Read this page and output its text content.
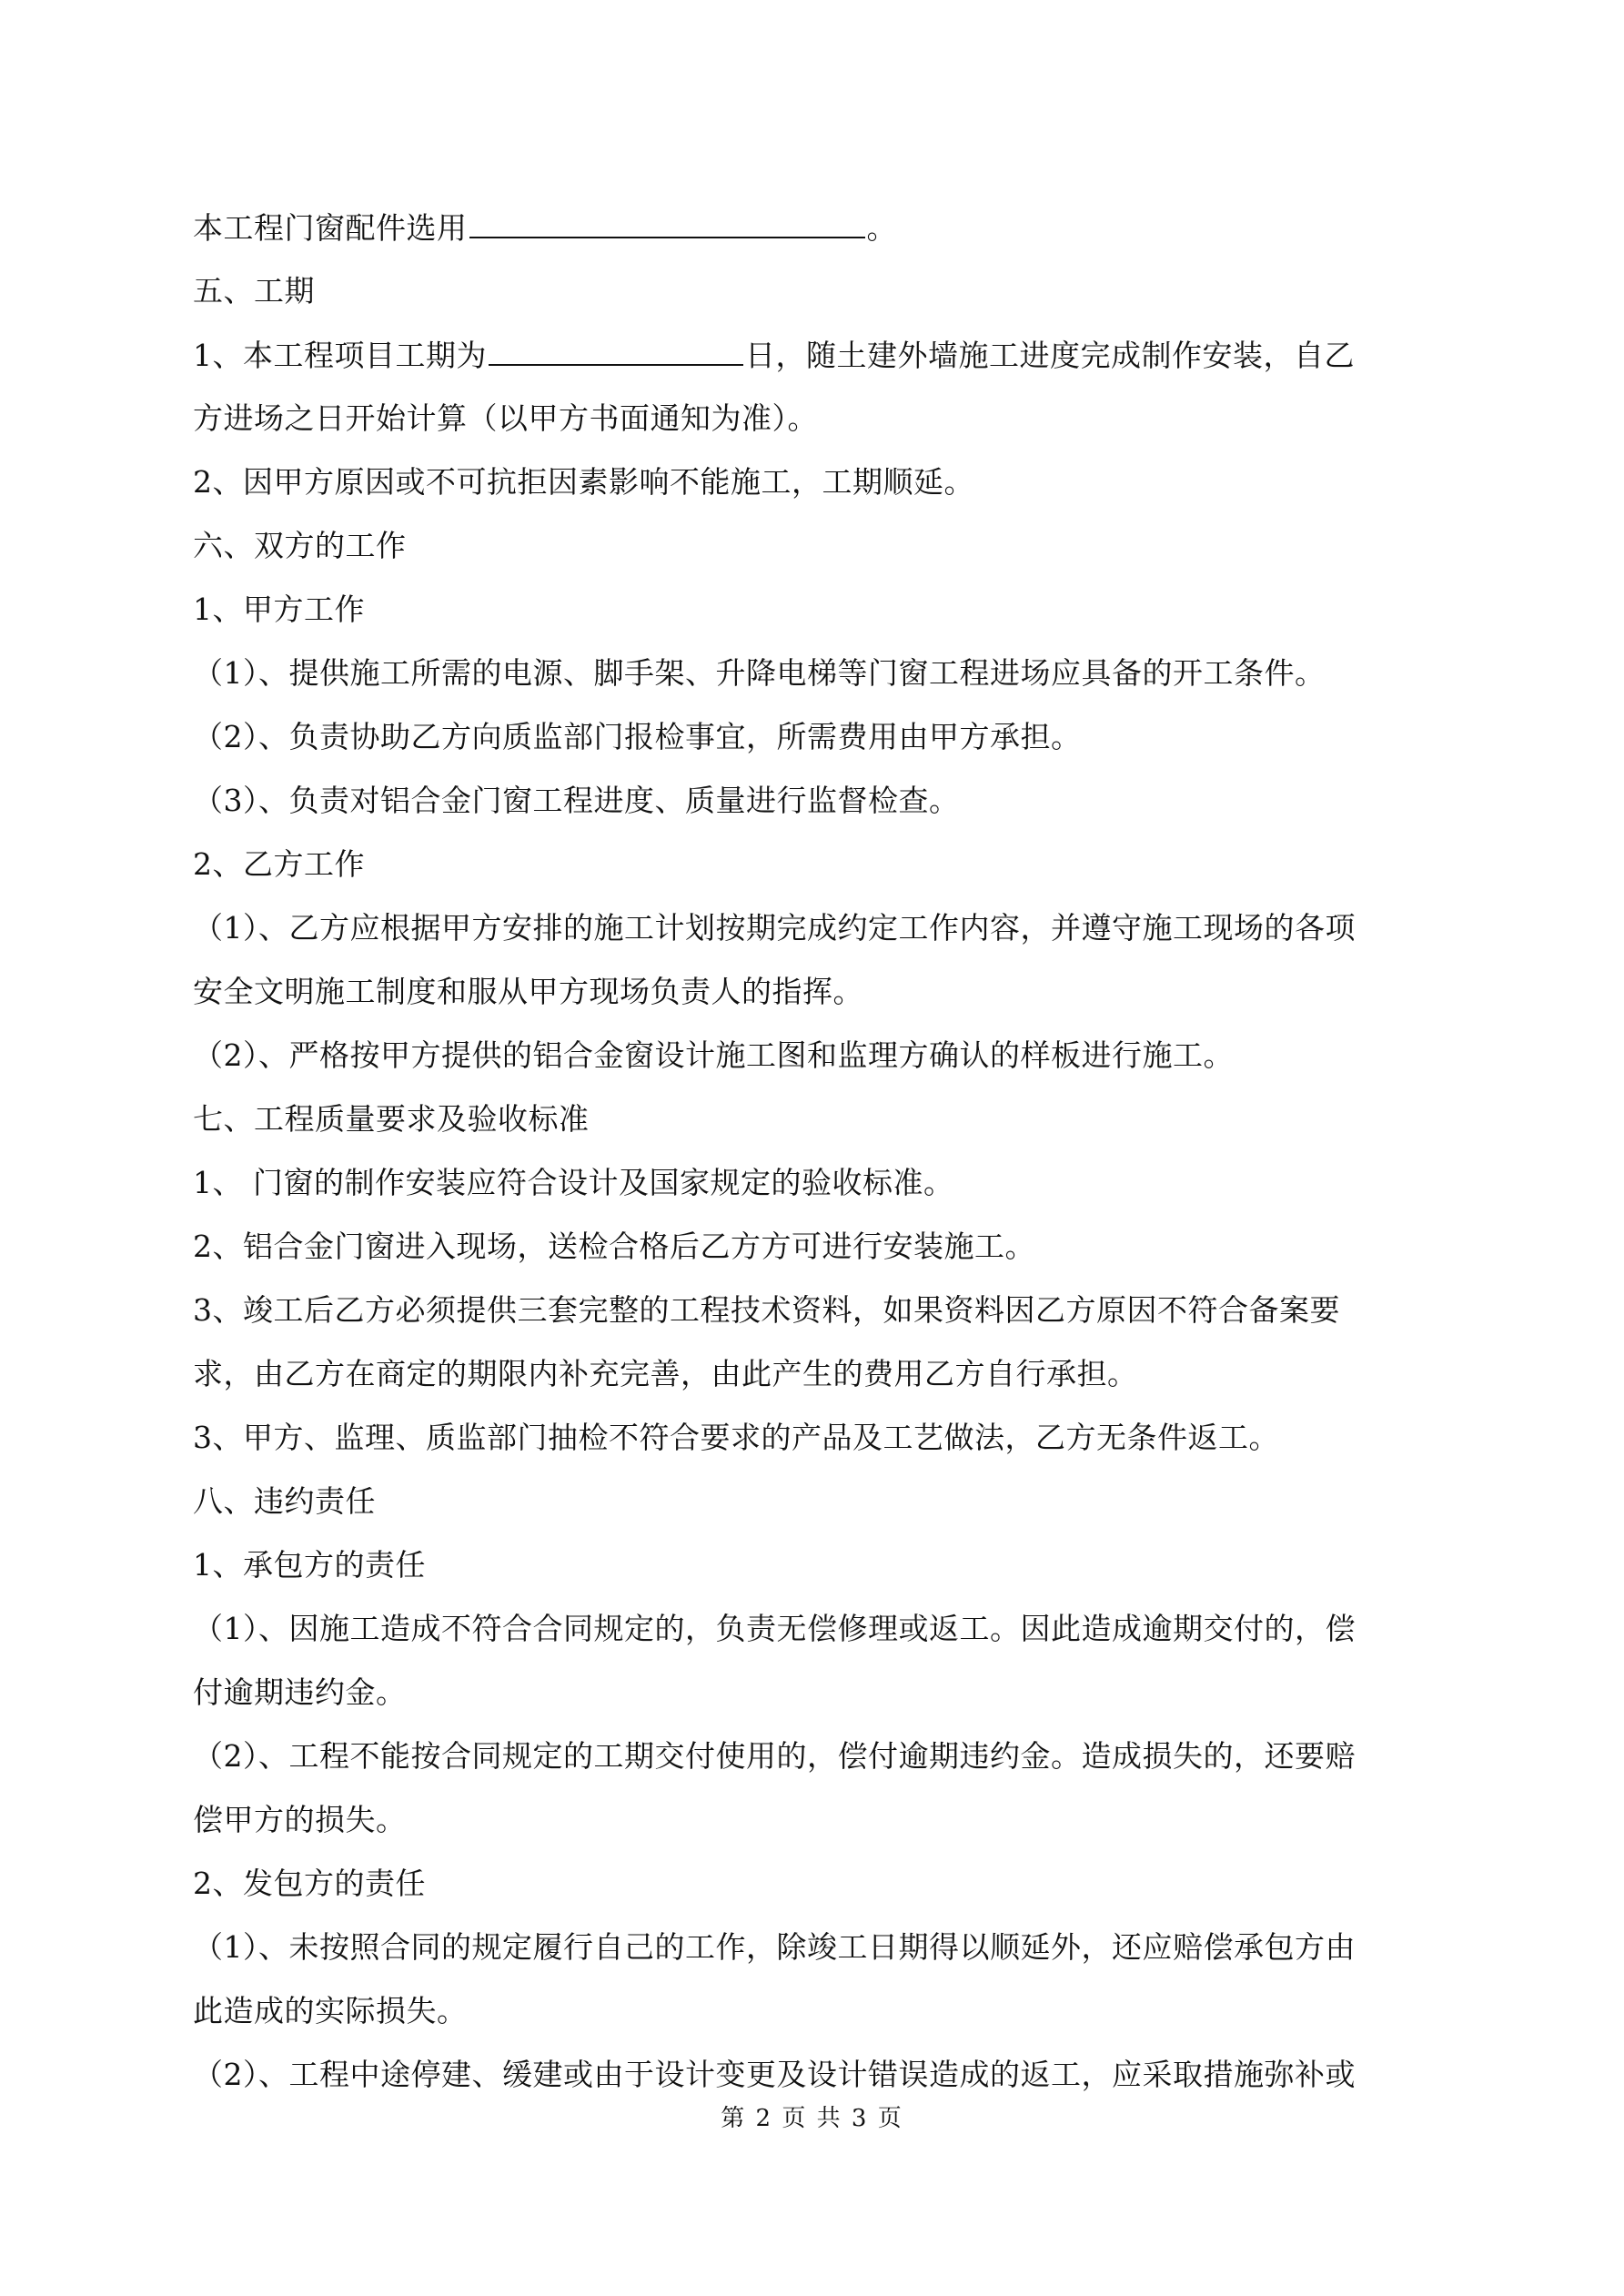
本工程门窗配件选用	。
五、工期
1、本工程项目工期为	日，随土建外墙施工进度完成制作安装，自乙
方进场之日开始计算（以甲方书面通知为准）。
2、因甲方原因或不可抗拒因素影响不能施工，工期顺延。
六、双方的工作
1、甲方工作
（1）、提供施工所需的电源、脚手架、升降电梯等门窗工程进场应具备的开工条件。
（2）、负责协助乙方向质监部门报检事宜，所需费用由甲方承担。
（3）、负责对铝合金门窗工程进度、质量进行监督检查。
2、乙方工作
（1）、乙方应根据甲方安排的施工计划按期完成约定工作内容，并遵守施工现场的各项
安全文明施工制度和服从甲方现场负责人的指挥。
（2）、严格按甲方提供的铝合金窗设计施工图和监理方确认的样板进行施工。
七、工程质量要求及验收标准
1、 门窗的制作安装应符合设计及国家规定的验收标准。
2、铝合金门窗进入现场，送检合格后乙方方可进行安装施工。
3、竣工后乙方必须提供三套完整的工程技术资料，如果资料因乙方原因不符合备案要
求，由乙方在商定的期限内补充完善，由此产生的费用乙方自行承担。
3、甲方、监理、质监部门抽检不符合要求的产品及工艺做法，乙方无条件返工。
八、违约责任
1、承包方的责任
（1）、因施工造成不符合合同规定的，负责无偿修理或返工。因此造成逾期交付的，偿
付逾期违约金。
（2）、工程不能按合同规定的工期交付使用的，偿付逾期违约金。造成损失的，还要赔
偿甲方的损失。
2、发包方的责任
（1）、未按照合同的规定履行自己的工作，除竣工日期得以顺延外，还应赔偿承包方由
此造成的实际损失。
（2）、工程中途停建、缓建或由于设计变更及设计错误造成的返工，应采取措施弥补或
第 2 页 共 3 页
